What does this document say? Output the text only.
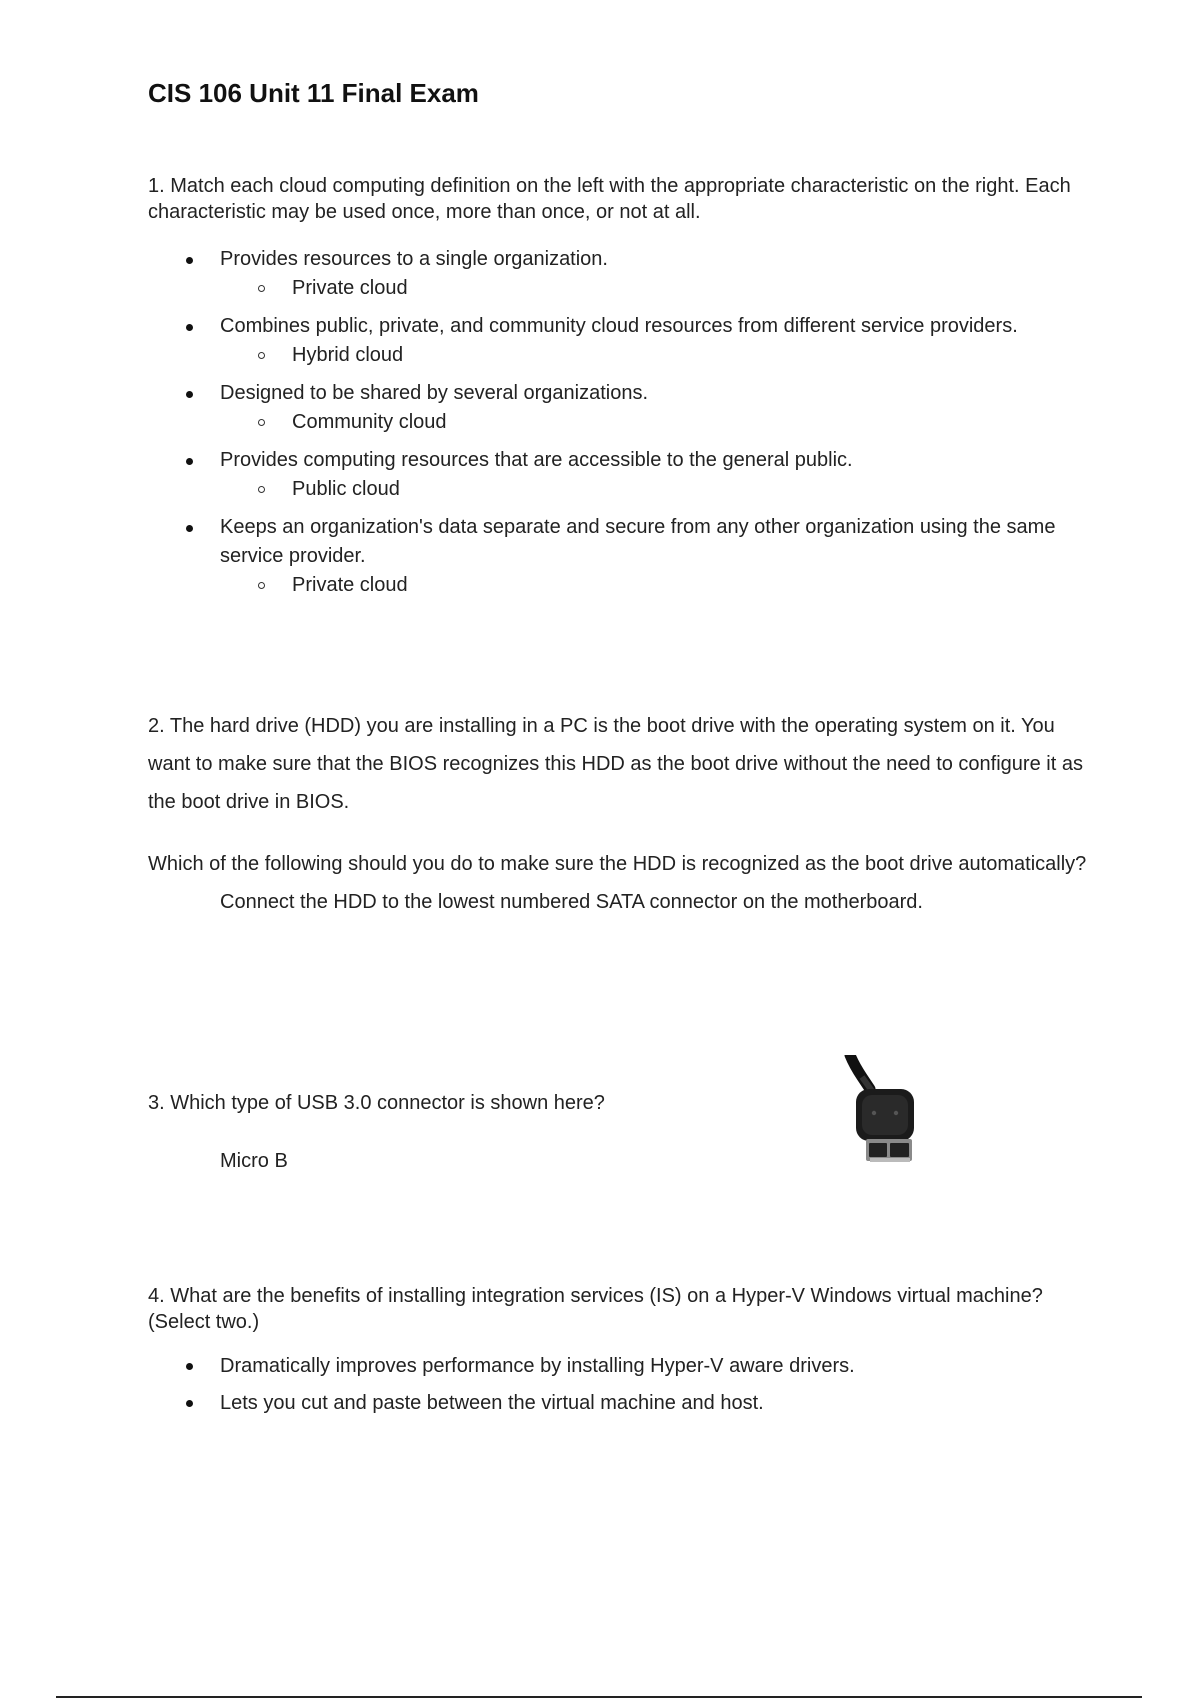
CIS 106 Unit 11 Final Exam

1. Match each cloud computing definition on the left with the appropriate characteristic on the right. Each characteristic may be used once, more than once, or not at all.

Provides resources to a single organization.
Private cloud
Combines public, private, and community cloud resources from different service providers.
Hybrid cloud
Designed to be shared by several organizations.
Community cloud
Provides computing resources that are accessible to the general public.
Public cloud
Keeps an organization's data separate and secure from any other organization using the same service provider.
Private cloud

2. The hard drive (HDD) you are installing in a PC is the boot drive with the operating system on it. You want to make sure that the BIOS recognizes this HDD as the boot drive without the need to configure it as the boot drive in BIOS.

Which of the following should you do to make sure the HDD is recognized as the boot drive automatically?

Connect the HDD to the lowest numbered SATA connector on the motherboard.

3. Which type of USB 3.0 connector is shown here?

Micro B

4. What are the benefits of installing integration services (IS) on a Hyper-V Windows virtual machine? (Select two.)

Dramatically improves performance by installing Hyper-V aware drivers.
Lets you cut and paste between the virtual machine and host.
